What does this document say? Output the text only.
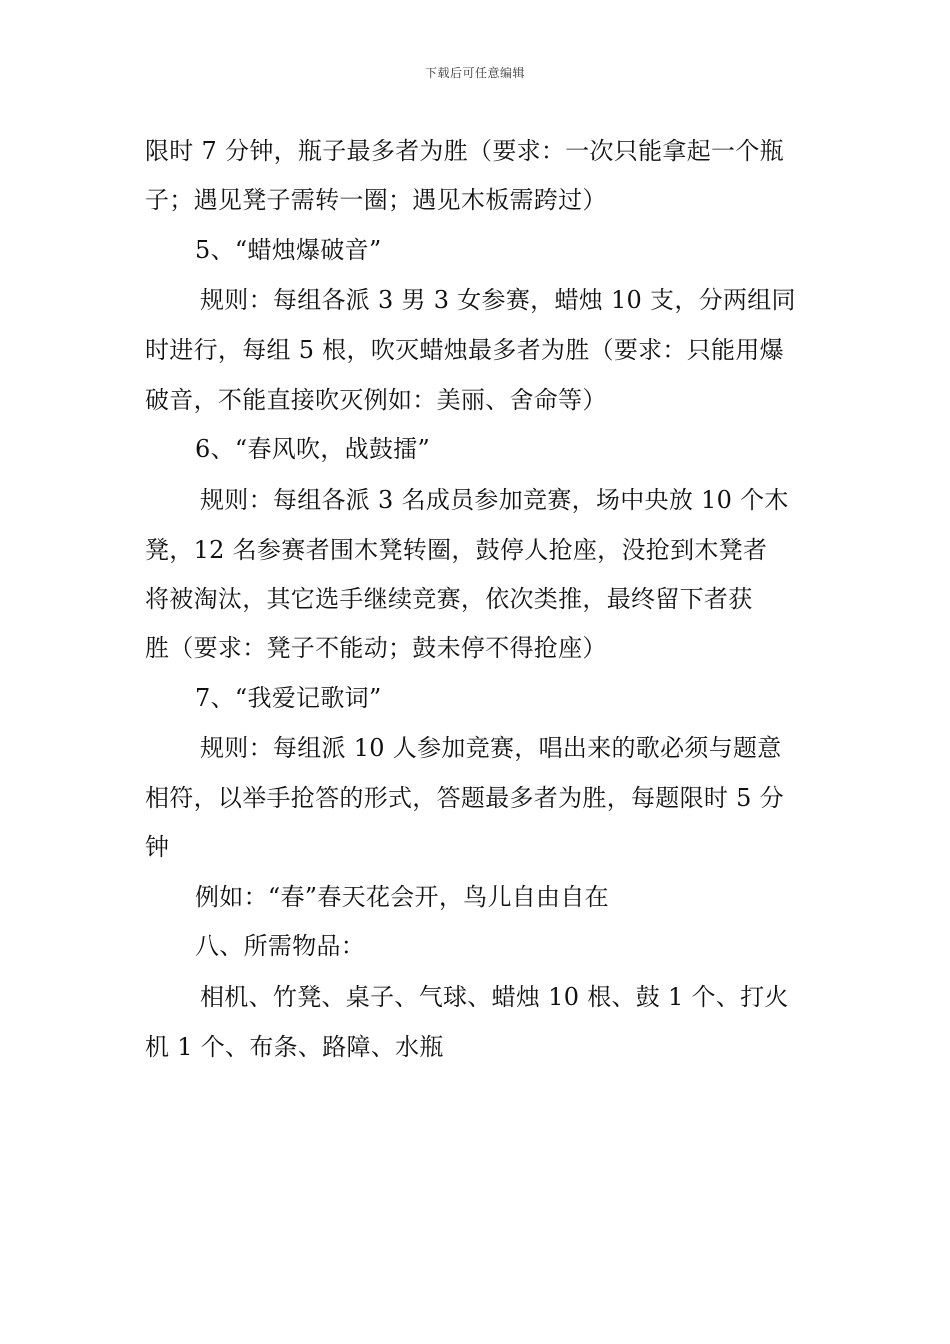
下载后可任意编辑
限时 7 分钟，瓶子最多者为胜（要求：一次只能拿起一个瓶
子；遇见凳子需转一圈；遇见木板需跨过）
5、“蜡烛爆破音”
规则：每组各派 3 男 3 女参赛，蜡烛 10 支，分两组同
时进行，每组 5 根，吹灭蜡烛最多者为胜（要求：只能用爆
破音，不能直接吹灭例如：美丽、舍命等）
6、“春风吹，战鼓擂”
规则：每组各派 3 名成员参加竞赛，场中央放 10 个木
凳，12 名参赛者围木凳转圈，鼓停人抢座，没抢到木凳者
将被淘汰，其它选手继续竞赛，依次类推，最终留下者获
胜（要求：凳子不能动；鼓未停不得抢座）
7、“我爱记歌词”
规则：每组派 10 人参加竞赛，唱出来的歌必须与题意
相符，以举手抢答的形式，答题最多者为胜，每题限时 5 分
钟
例如：“春”春天花会开，鸟儿自由自在
八、所需物品：
相机、竹凳、桌子、气球、蜡烛 10 根、鼓 1 个、打火
机 1 个、布条、路障、水瓶
